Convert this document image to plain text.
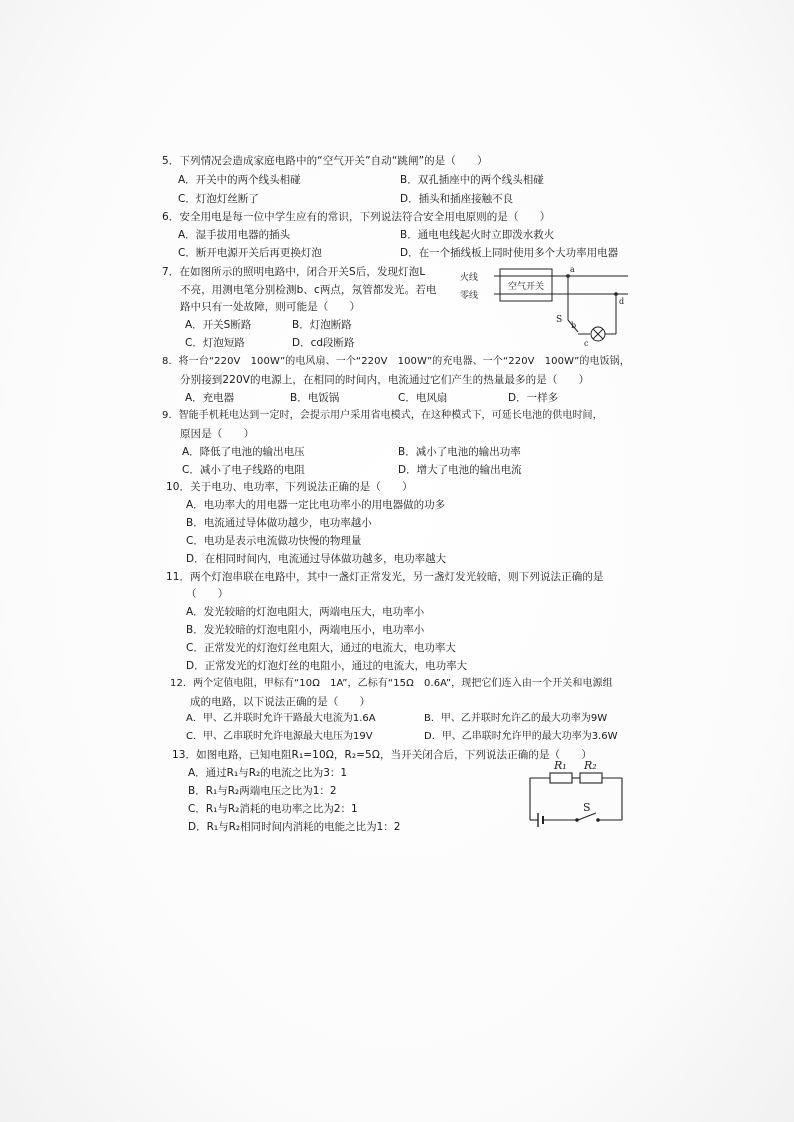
5．下列情况会造成家庭电路中的“空气开关”自动“跳闸”的是（　　）
A．开关中的两个线头相碰	B．双孔插座中的两个线头相碰
C．灯泡灯丝断了	D．插头和插座接触不良
6．安全用电是每一位中学生应有的常识，下列说法符合安全用电原则的是（　　）
A．湿手拔用电器的插头	B．通电电线起火时立即泼水救火
C．断开电源开关后再更换灯泡	D．在一个插线板上同时使用多个大功率用电器
7．在如图所示的照明电路中，闭合开关S后，发现灯泡L
不亮，用测电笔分别检测b、c两点，氖管都发光。若电
路中只有一处故障，则可能是（　　）
A．开关S断路	B．灯泡断路
C．灯泡短路	D．cd段断路
火线
零线
空气开关
a
S
b
c
d
8．将一台“220V　100W”的电风扇、一个“220V　100W”的充电器、一个“220V　100W”的电饭锅，
分别接到220V的电源上，在相同的时间内，电流通过它们产生的热量最多的是（　　）
A．充电器	B．电饭锅	C．电风扇	D．一样多
9．智能手机耗电达到一定时，会提示用户采用省电模式，在这种模式下，可延长电池的供电时间，
原因是（　　）
A．降低了电池的输出电压	B．减小了电池的输出功率
C．减小了电子线路的电阻	D．增大了电池的输出电流
10．关于电功、电功率，下列说法正确的是（　　）
A．电功率大的用电器一定比电功率小的用电器做的功多
B．电流通过导体做功越少，电功率越小
C．电功是表示电流做功快慢的物理量
D．在相同时间内，电流通过导体做功越多，电功率越大
11．两个灯泡串联在电路中，其中一盏灯正常发光，另一盏灯发光较暗，则下列说法正确的是
（　　）
A．发光较暗的灯泡电阻大，两端电压大，电功率小
B．发光较暗的灯泡电阻小，两端电压小，电功率小
C．正常发光的灯泡灯丝电阻大，通过的电流大，电功率大
D．正常发光的灯泡灯丝的电阻小，通过的电流大，电功率大
12．两个定值电阻，甲标有“10Ω　1A”，乙标有“15Ω　0.6A”，现把它们连入由一个开关和电源组
成的电路，以下说法正确的是（　　）
A．甲、乙并联时允许干路最大电流为1.6A	B．甲、乙并联时允许乙的最大功率为9W
C．甲、乙串联时允许电源最大电压为19V	D．甲、乙串联时允许甲的最大功率为3.6W
13．如图电路，已知电阻R₁=10Ω，R₂=5Ω，当开关闭合后，下列说法正确的是（　　）
A．通过R₁与R₂的电流之比为3：1
B．R₁与R₂两端电压之比为1：2
C．R₁与R₂消耗的电功率之比为2：1
D．R₁与R₂相同时间内消耗的电能之比为1：2
R₁ R₂
S
